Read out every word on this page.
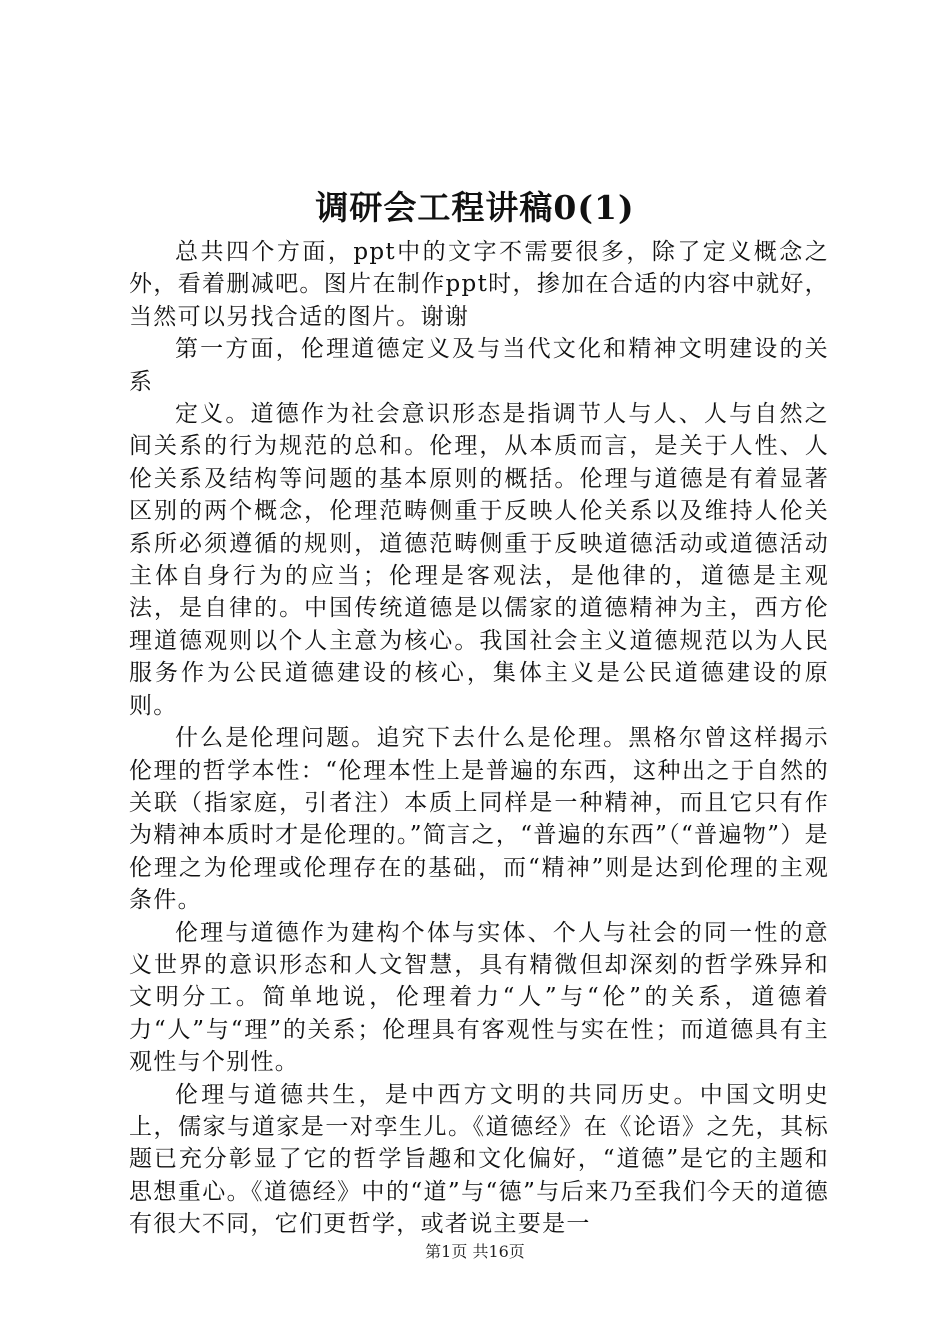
调研会工程讲稿0(1)

总共四个方面，ppt中的文字不需要很多，除了定义概念之外，看着删减吧。图片在制作ppt时，掺加在合适的内容中就好，当然可以另找合适的图片。谢谢

第一方面，伦理道德定义及与当代文化和精神文明建设的关系

定义。道德作为社会意识形态是指调节人与人、人与自然之间关系的行为规范的总和。伦理，从本质而言，是关于人性、人伦关系及结构等问题的基本原则的概括。伦理与道德是有着显著区别的两个概念，伦理范畴侧重于反映人伦关系以及维持人伦关系所必须遵循的规则，道德范畴侧重于反映道德活动或道德活动主体自身行为的应当；伦理是客观法，是他律的，道德是主观法，是自律的。中国传统道德是以儒家的道德精神为主，西方伦理道德观则以个人主意为核心。我国社会主义道德规范以为人民服务作为公民道德建设的核心，集体主义是公民道德建设的原则。

什么是伦理问题。追究下去什么是伦理。黑格尔曾这样揭示伦理的哲学本性：“伦理本性上是普遍的东西，这种出之于自然的关联（指家庭，引者注）本质上同样是一种精神，而且它只有作为精神本质时才是伦理的。”简言之，“普遍的东西”（“普遍物”）是伦理之为伦理或伦理存在的基础，而“精神”则是达到伦理的主观条件。

伦理与道德作为建构个体与实体、个人与社会的同一性的意义世界的意识形态和人文智慧，具有精微但却深刻的哲学殊异和文明分工。简单地说，伦理着力“人”与“伦”的关系，道德着力“人”与“理”的关系；伦理具有客观性与实在性；而道德具有主观性与个别性。

伦理与道德共生，是中西方文明的共同历史。中国文明史上，儒家与道家是一对孪生儿。《道德经》在《论语》之先，其标题已充分彰显了它的哲学旨趣和文化偏好，“道德”是它的主题和思想重心。《道德经》中的“道”与“德”与后来乃至我们今天的道德有很大不同，它们更哲学，或者说主要是一

第1页 共16页
